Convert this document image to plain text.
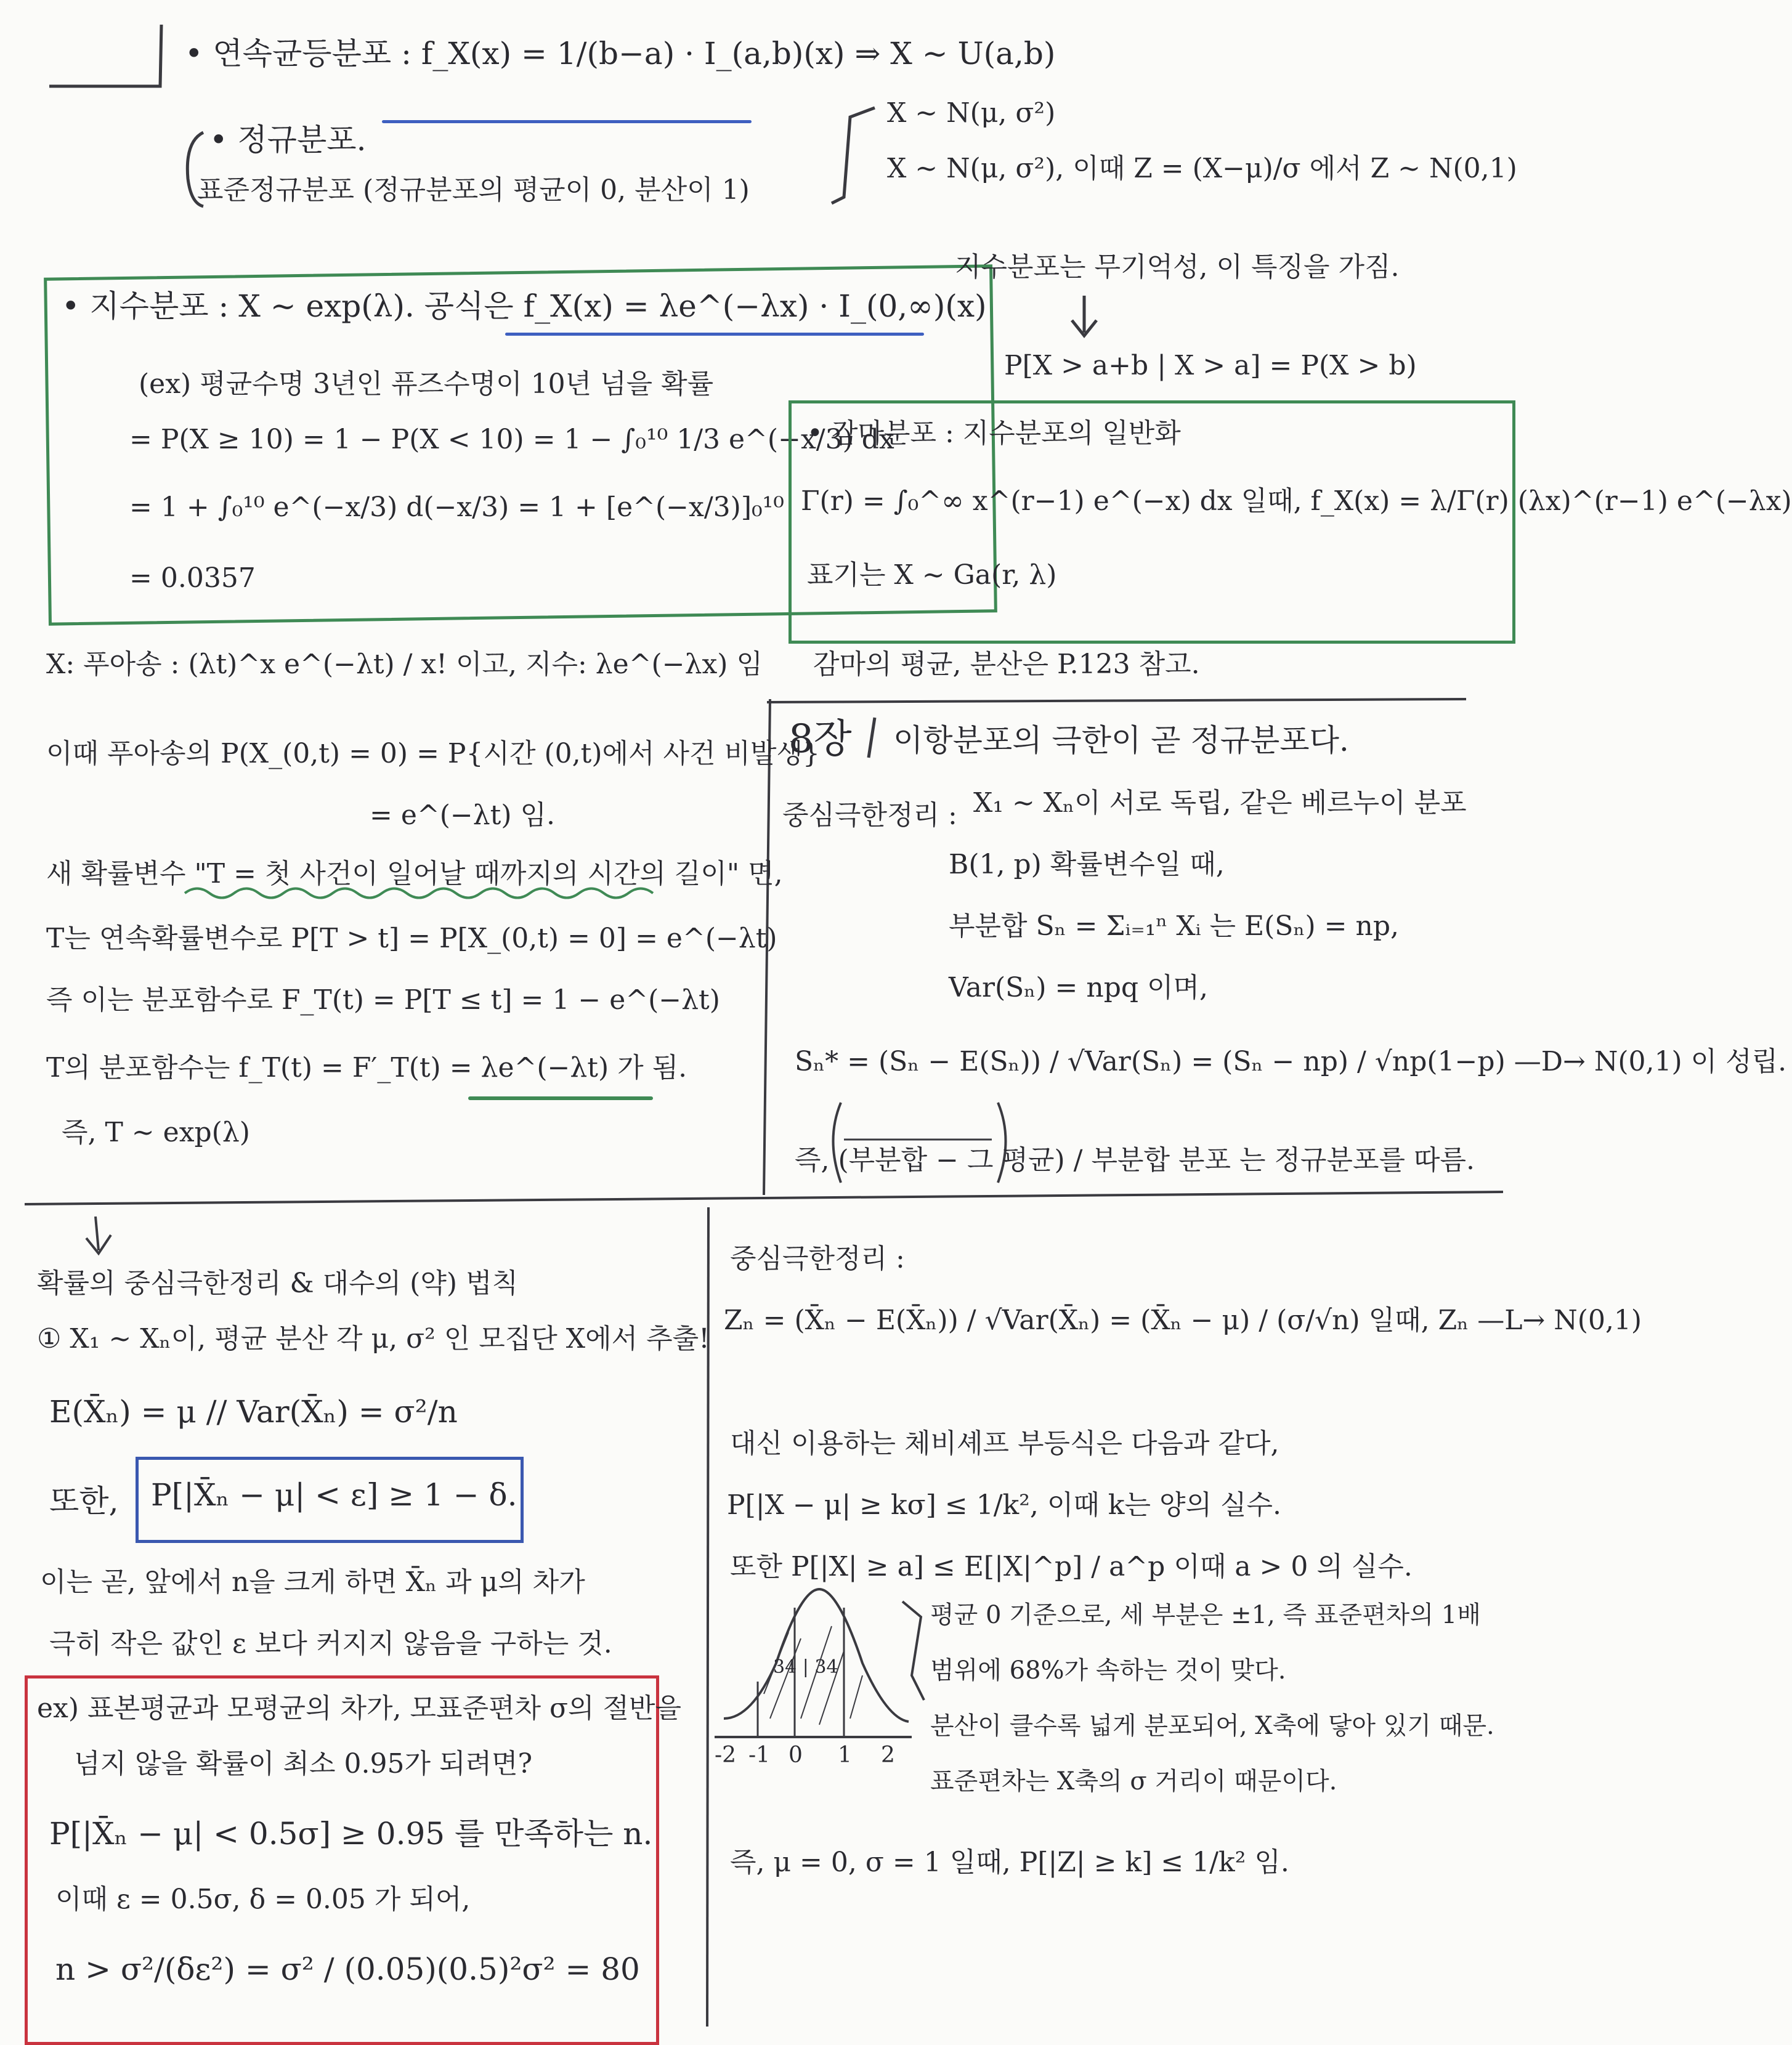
• 연속균등분포 : f_X(x) = 1/(b−a) · I_(a,b)(x) ⇒ X ~ U(a,b)
• 정규분포.
X ~ N(μ, σ²)
표준정규분포 (정규분포의 평균이 0, 분산이 1)
X ~ N(μ, σ²), 이때 Z = (X−μ)/σ 에서 Z ~ N(0,1)
• 지수분포 : X ~ exp(λ). 공식은 f_X(x) = λe^(−λx) · I_(0,∞)(x)
지수분포는 무기억성, 이 특징을 가짐.
P[X > a+b | X > a] = P(X > b)
(ex) 평균수명 3년인 퓨즈수명이 10년 넘을 확률
= P(X ≥ 10) = 1 − P(X < 10) = 1 − ∫₀¹⁰ 1/3 e^(−x/3) dx
= 1 + ∫₀¹⁰ e^(−x/3) d(−x/3) = 1 + [e^(−x/3)]₀¹⁰
= 0.0357
• 감마분포 : 지수분포의 일반화
Γ(r) = ∫₀^∞ x^(r−1) e^(−x) dx 일때, f_X(x) = λ/Γ(r) (λx)^(r−1) e^(−λx)
표기는 X ~ Ga(r, λ)
감마의 평균, 분산은 P.123 참고.
X: 푸아송 : (λt)^x e^(−λt) / x! 이고, 지수: λe^(−λx) 임
이때 푸아송의 P(X_(0,t) = 0) = P{시간 (0,t)에서 사건 비발생}
= e^(−λt) 임.
새 확률변수 "T = 첫 사건이 일어날 때까지의 시간의 길이" 면,
T는 연속확률변수로 P[T > t] = P[X_(0,t) = 0] = e^(−λt)
즉 이는 분포함수로 F_T(t) = P[T ≤ t] = 1 − e^(−λt)
T의 분포함수는 f_T(t) = F′_T(t) = λe^(−λt) 가 됨.
즉, T ~ exp(λ)
8장 이항분포의 극한이 곧 정규분포다.
중심극한정리 : X₁ ~ Xₙ이 서로 독립, 같은 베르누이 분포
B(1, p) 확률변수일 때,
부분합 Sₙ = Σᵢ₌₁ⁿ Xᵢ 는 E(Sₙ) = np,
Var(Sₙ) = npq 이며,
Sₙ* = (Sₙ − E(Sₙ)) / √Var(Sₙ) = (Sₙ − np) / √np(1−p) —D→ N(0,1) 이 성립.
즉, (부분합 − 그 평균) / 부분합 분포 는 정규분포를 따름.
확률의 중심극한정리 & 대수의 (약) 법칙
① X₁ ~ Xₙ이, 평균 분산 각 μ, σ² 인 모집단 X에서 추출!
E(X̄ₙ) = μ // Var(X̄ₙ) = σ²/n
또한, P[|X̄ₙ − μ| < ε] ≥ 1 − δ.
이는 곧, 앞에서 n을 크게 하면 X̄ₙ 과 μ의 차가
극히 작은 값인 ε 보다 커지지 않음을 구하는 것.
ex) 표본평균과 모평균의 차가, 모표준편차 σ의 절반을
넘지 않을 확률이 최소 0.95가 되려면?
P[|X̄ₙ − μ| < 0.5σ] ≥ 0.95 를 만족하는 n.
이때 ε = 0.5σ, δ = 0.05 가 되어,
n > σ²/(δε²) = σ² / (0.05)(0.5)²σ² = 80
중심극한정리 :
Zₙ = (X̄ₙ − E(X̄ₙ)) / √Var(X̄ₙ) = (X̄ₙ − μ) / (σ/√n) 일때, Zₙ —L→ N(0,1)
대신 이용하는 체비셰프 부등식은 다음과 같다,
P[|X − μ| ≥ kσ] ≤ 1/k², 이때 k는 양의 실수.
또한 P[|X| ≥ a] ≤ E[|X|^p] / a^p 이때 a > 0 의 실수.
34 | 34
-2 -1 0 1 2
평균 0 기준으로, 세 부분은 ±1, 즉 표준편차의 1배
범위에 68%가 속하는 것이 맞다.
분산이 클수록 넓게 분포되어, X축에 닿아 있기 때문.
표준편차는 X축의 σ 거리이 때문이다.
즉, μ = 0, σ = 1 일때, P[|Z| ≥ k] ≤ 1/k² 임.
